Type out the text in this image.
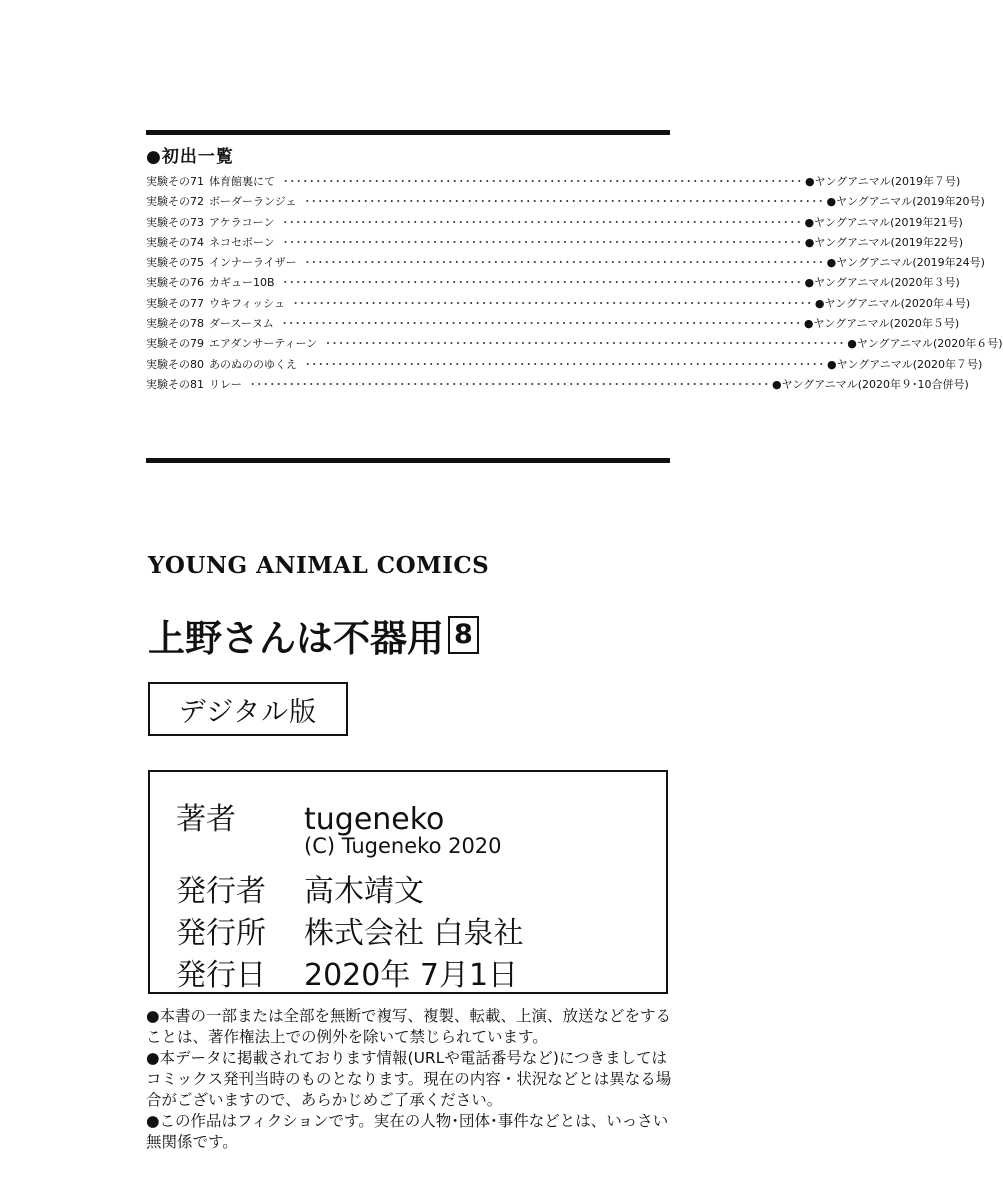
●初出一覧
実験その71 体育館裏にて ････････････････････････････････････････････････････････････････････････････････ ●ヤングアニマル(2019年７号)
実験その72 ボーダーランジェ ････････････････････････････････････････････････････････････････････････････････ ●ヤングアニマル(2019年20号)
実験その73 アケラコーン ････････････････････････････････････････････････････････････････････････････････ ●ヤングアニマル(2019年21号)
実験その74 ネコセボーン ････････････････････････････････････････････････････････････････････････････････ ●ヤングアニマル(2019年22号)
実験その75 インナーライザー ････････････････････････････････････････････････････････････････････････････････ ●ヤングアニマル(2019年24号)
実験その76 カギュー10B ････････････････････････････････････････････････････････････････････････････････ ●ヤングアニマル(2020年３号)
実験その77 ウキフィッシュ ････････････････････････････････････････････････････････････････････････････････ ●ヤングアニマル(2020年４号)
実験その78 ダースーヌム ････････････････････････････････････････････････････････････････････････････････ ●ヤングアニマル(2020年５号)
実験その79 エアダンサーティーン ････････････････････････････････････････････････････････････････････････････････ ●ヤングアニマル(2020年６号)
実験その80 あのぬののゆくえ ････････････････････････････････････････････････････････････････････････････････ ●ヤングアニマル(2020年７号)
実験その81 リレー ････････････････････････････････････････････････････････････････････････････････ ●ヤングアニマル(2020年９･10合併号)
YOUNG ANIMAL COMICS
上野さんは不器用 8
デジタル版
著者	tugeneko
(C) Tugeneko 2020
発行者	高木靖文
発行所	株式会社 白泉社
発行日	2020年 7月1日
●本書の一部または全部を無断で複写、複製、転載、上演、放送などをすることは、著作権法上での例外を除いて禁じられています。
●本データに掲載されております情報(URLや電話番号など)につきましてはコミックス発刊当時のものとなります。現在の内容・状況などとは異なる場合がございますので、あらかじめご了承ください。
●この作品はフィクションです。実在の人物･団体･事件などとは、いっさい無関係です。
